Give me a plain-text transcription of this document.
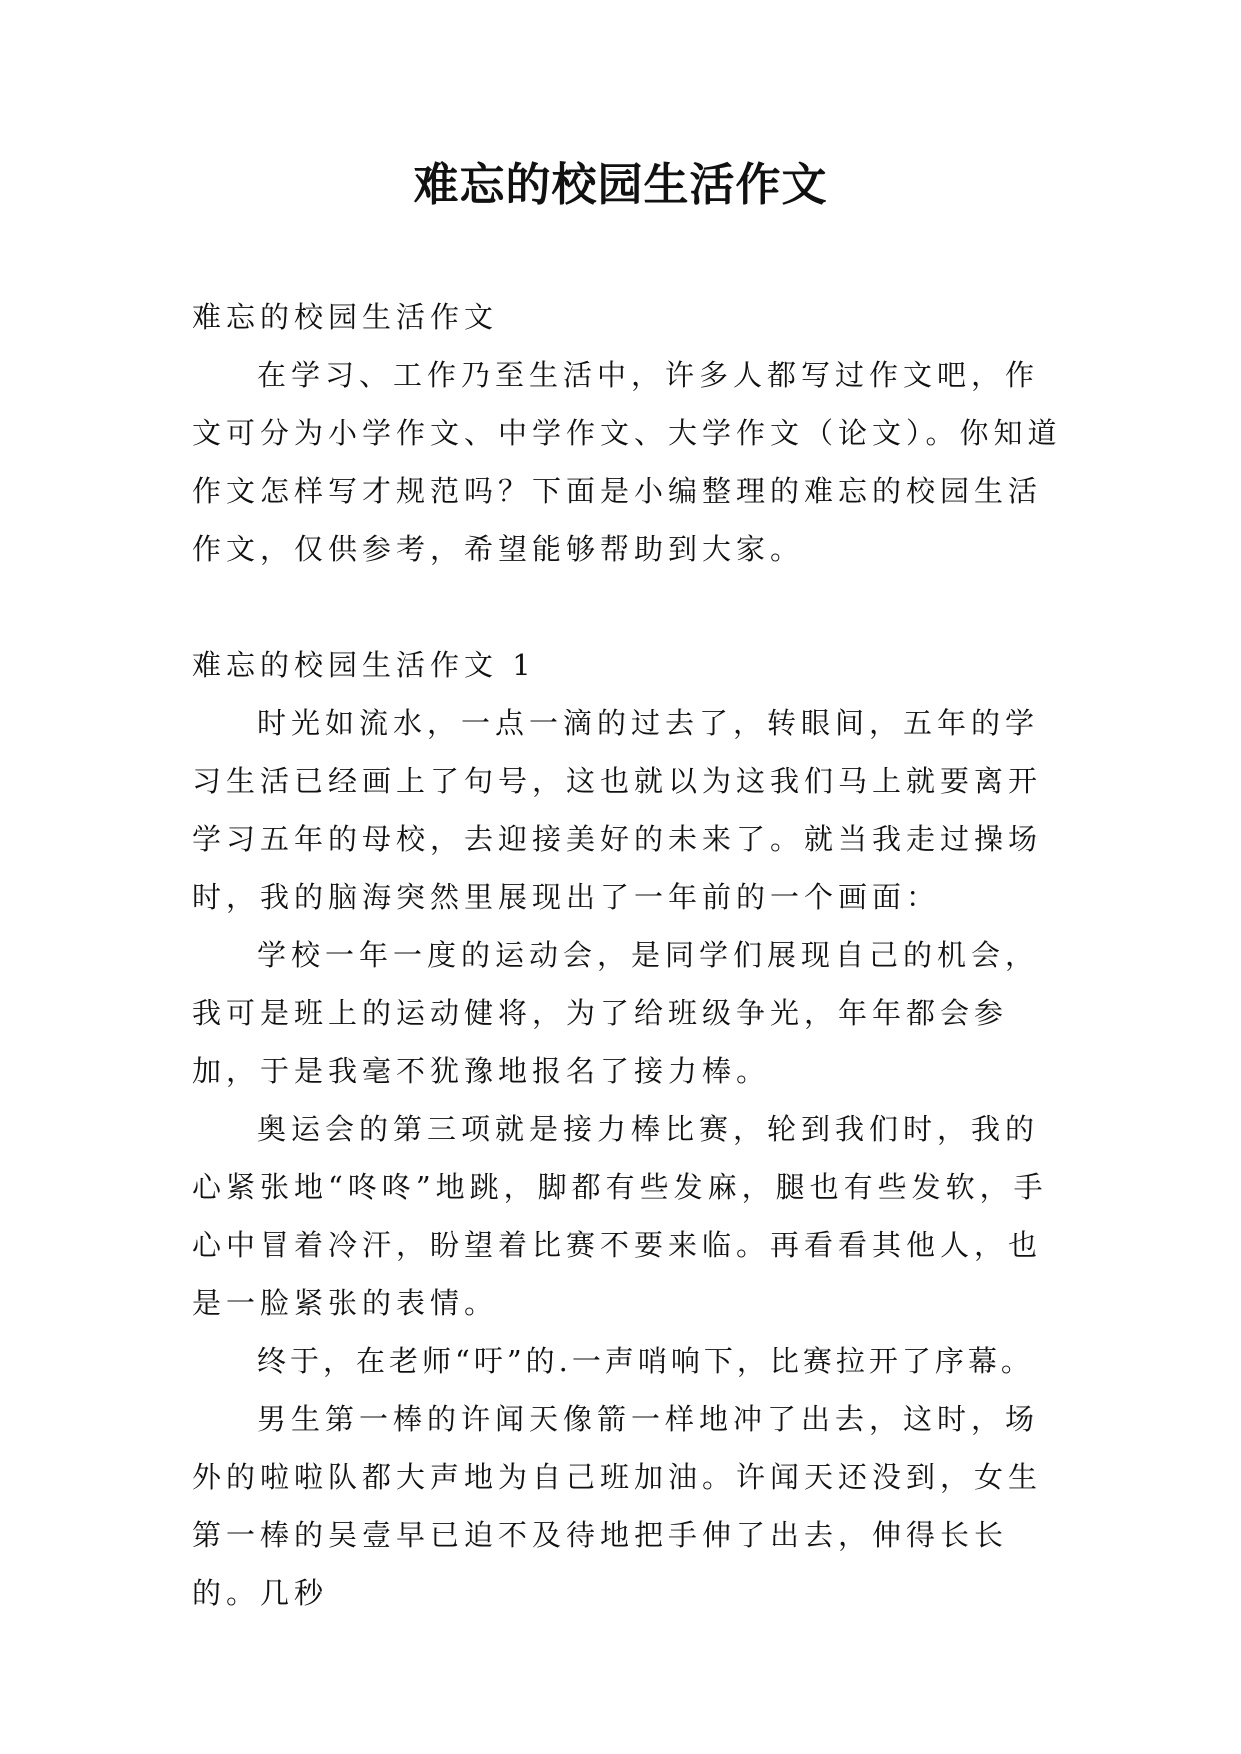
难忘的校园生活作文

难忘的校园生活作文

在学习、工作乃至生活中，许多人都写过作文吧，作文可分为小学作文、中学作文、大学作文（论文）。你知道作文怎样写才规范吗？下面是小编整理的难忘的校园生活作文，仅供参考，希望能够帮助到大家。

难忘的校园生活作文 1

时光如流水，一点一滴的过去了，转眼间，五年的学习生活已经画上了句号，这也就以为这我们马上就要离开学习五年的母校，去迎接美好的未来了。就当我走过操场时，我的脑海突然里展现出了一年前的一个画面：

学校一年一度的运动会，是同学们展现自己的机会，我可是班上的运动健将，为了给班级争光，年年都会参加，于是我毫不犹豫地报名了接力棒。

奥运会的第三项就是接力棒比赛，轮到我们时，我的心紧张地“咚咚”地跳，脚都有些发麻，腿也有些发软，手心中冒着冷汗，盼望着比赛不要来临。再看看其他人，也是一脸紧张的表情。

终于，在老师“吁”的.一声哨响下，比赛拉开了序幕。

男生第一棒的许闻天像箭一样地冲了出去，这时，场外的啦啦队都大声地为自己班加油。许闻天还没到，女生第一棒的吴壹早已迫不及待地把手伸了出去，伸得长长的。几秒
